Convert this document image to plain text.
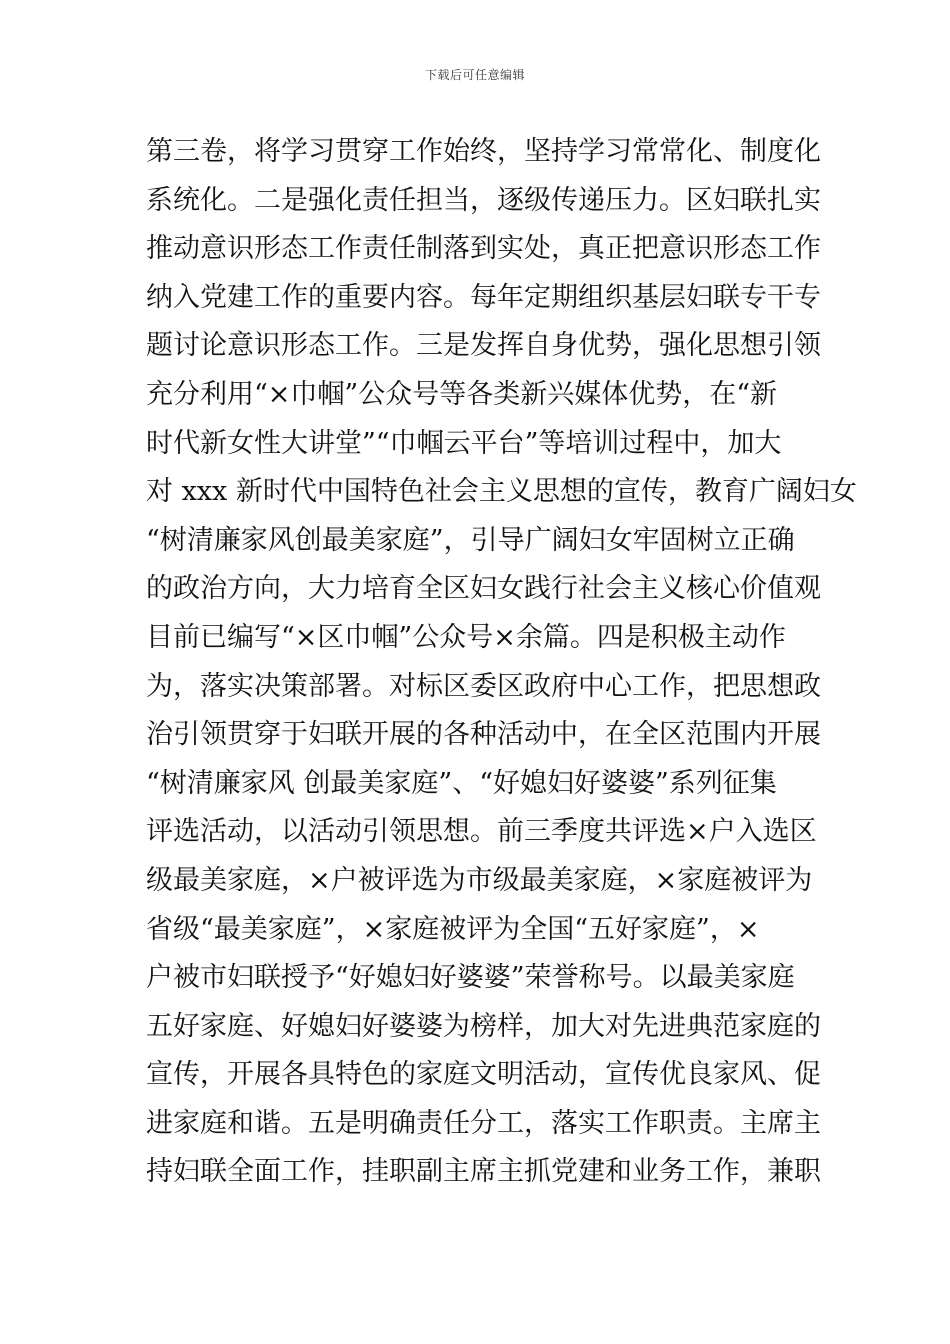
下载后可任意编辑
第三卷，将学习贯穿工作始终，坚持学习常常化、制度化
系统化。二是强化责任担当，逐级传递压力。区妇联扎实
推动意识形态工作责任制落到实处，真正把意识形态工作
纳入党建工作的重要内容。每年定期组织基层妇联专干专
题讨论意识形态工作。三是发挥自身优势，强化思想引领
充分利用“×巾帼”公众号等各类新兴媒体优势，在“新
时代新女性大讲堂”“巾帼云平台”等培训过程中，加大
对 xxx 新时代中国特色社会主义思想的宣传，教育广阔妇女
“树清廉家风创最美家庭”，引导广阔妇女牢固树立正确
的政治方向，大力培育全区妇女践行社会主义核心价值观
目前已编写“×区巾帼”公众号×余篇。四是积极主动作
为，落实决策部署。对标区委区政府中心工作，把思想政
治引领贯穿于妇联开展的各种活动中，在全区范围内开展
“树清廉家风 创最美家庭”、“好媳妇好婆婆”系列征集
评选活动，以活动引领思想。前三季度共评选×户入选区
级最美家庭，×户被评选为市级最美家庭，×家庭被评为
省级“最美家庭”，×家庭被评为全国“五好家庭”，×
户被市妇联授予“好媳妇好婆婆”荣誉称号。以最美家庭
五好家庭、好媳妇好婆婆为榜样，加大对先进典范家庭的
宣传，开展各具特色的家庭文明活动，宣传优良家风、促
进家庭和谐。五是明确责任分工，落实工作职责。主席主
持妇联全面工作，挂职副主席主抓党建和业务工作，兼职
